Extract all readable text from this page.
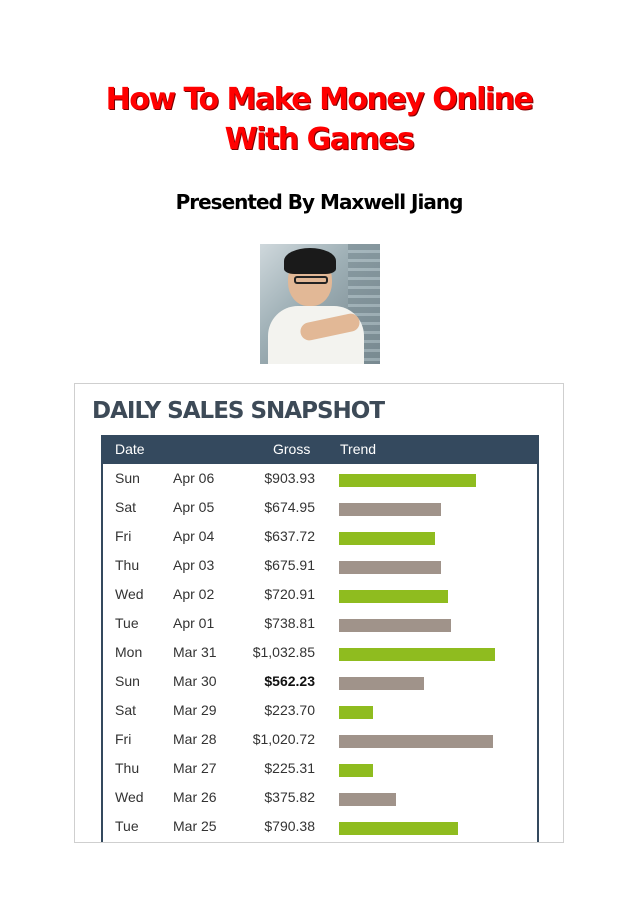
How To Make Money Online
With Games
Presented By Maxwell Jiang
DAILY SALES SNAPSHOT
Date	Gross Trend
Sun Apr 06	$903.93
Sat	Apr 05	$674.95
Fri	Apr 04	$637.72
Thu Apr 03	$675.91
Wed Apr 02	$720.91
Tue Apr 01	$738.81
Mon Mar 31	$1,032.85
Sun Mar 30	$562.23
Sat	Mar 29	$223.70
Fri	Mar 28	$1,020.72
Thu Mar 27	$225.31
Wed Mar 26	$375.82
Tue Mar 25	$790.38
